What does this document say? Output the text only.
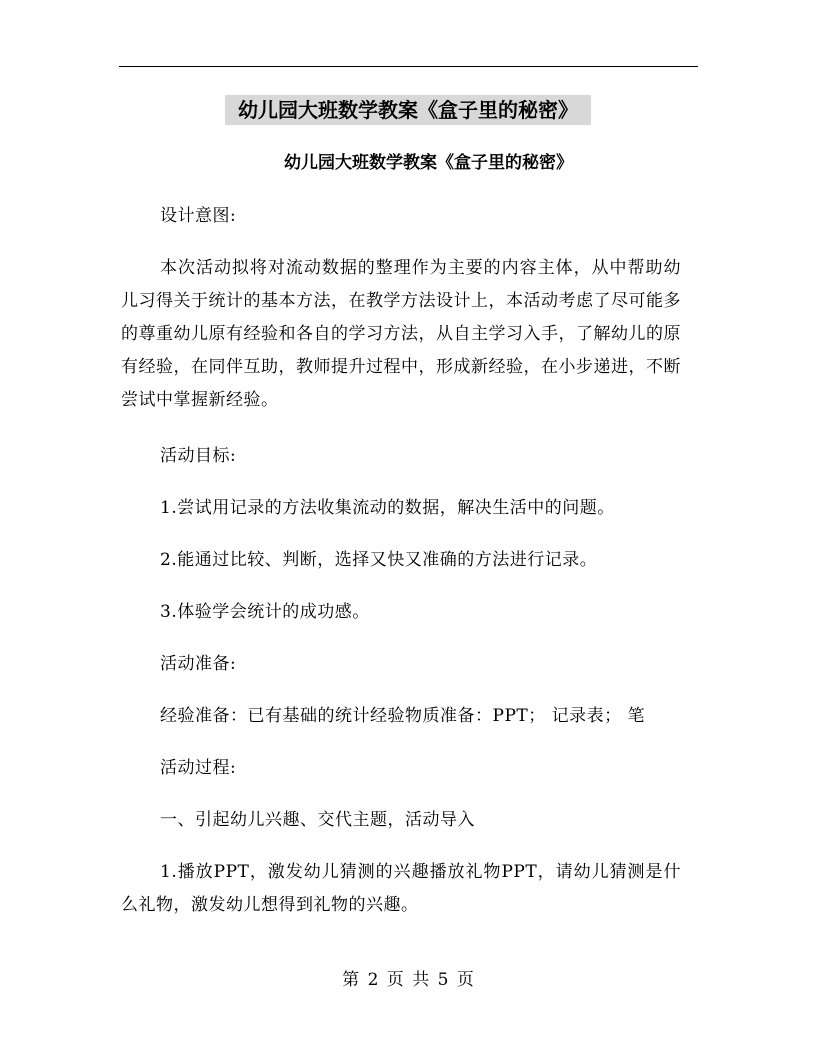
幼儿园大班数学教案《盒子里的秘密》
幼儿园大班数学教案《盒子里的秘密》

设计意图:

本次活动拟将对流动数据的整理作为主要的内容主体，从中帮助幼儿习得关于统计的基本方法，在教学方法设计上，本活动考虑了尽可能多的尊重幼儿原有经验和各自的学习方法，从自主学习入手，了解幼儿的原有经验，在同伴互助，教师提升过程中，形成新经验，在小步递进，不断尝试中掌握新经验。

活动目标:

1.尝试用记录的方法收集流动的数据，解决生活中的问题。

2.能通过比较、判断，选择又快又准确的方法进行记录。

3.体验学会统计的成功感。

活动准备:

经验准备：已有基础的统计经验物质准备：PPT； 记录表； 笔

活动过程:

一、引起幼儿兴趣、交代主题，活动导入

1.播放PPT，激发幼儿猜测的兴趣播放礼物PPT，请幼儿猜测是什么礼物，激发幼儿想得到礼物的兴趣。

第 2 页 共 5 页
